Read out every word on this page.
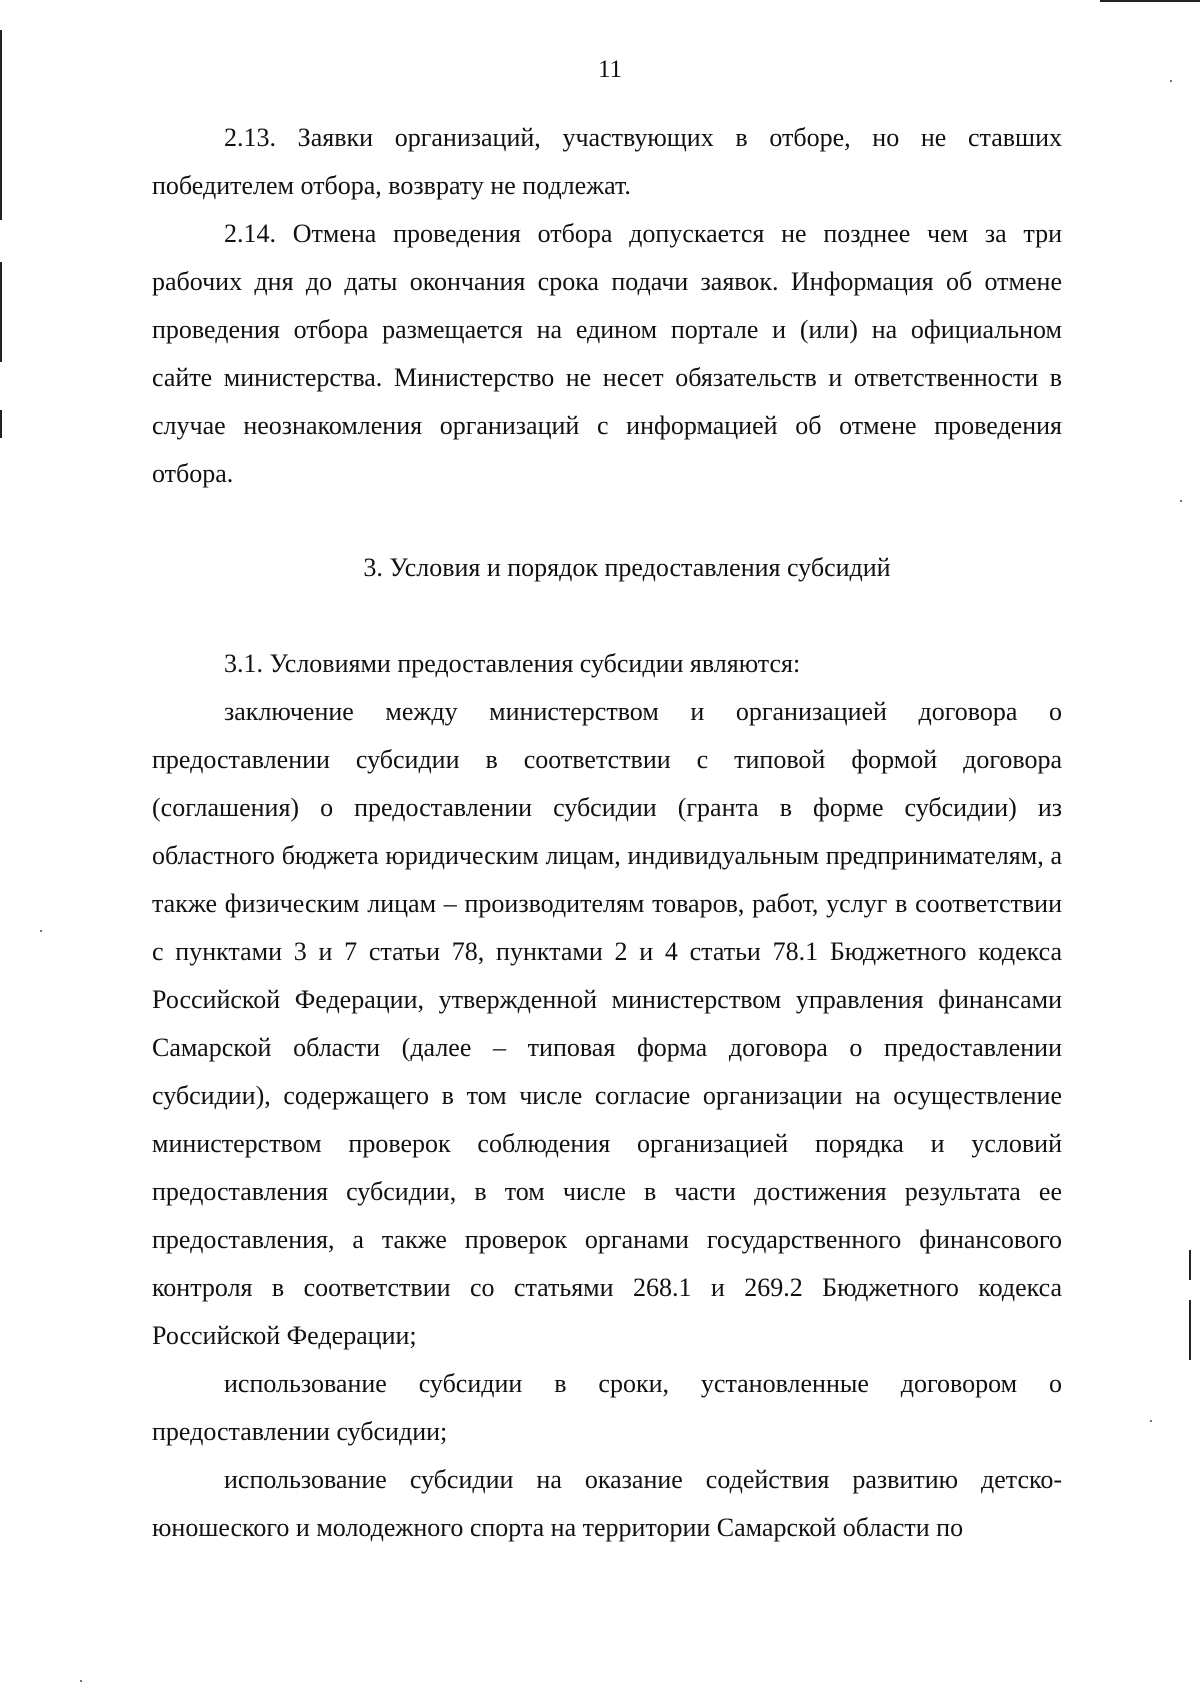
11

2.13. Заявки организаций, участвующих в отборе, но не ставших победителем отбора, возврату не подлежат.

2.14. Отмена проведения отбора допускается не позднее чем за три рабочих дня до даты окончания срока подачи заявок. Информация об отмене проведения отбора размещается на едином портале и (или) на официальном сайте министерства. Министерство не несет обязательств и ответственности в случае неознакомления организаций с информацией об отмене проведения отбора.

3. Условия и порядок предоставления субсидий

3.1. Условиями предоставления субсидии являются:

заключение между министерством и организацией договора о предоставлении субсидии в соответствии с типовой формой договора (соглашения) о предоставлении субсидии (гранта в форме субсидии) из областного бюджета юридическим лицам, индивидуальным предпринимателям, а также физическим лицам – производителям товаров, работ, услуг в соответствии с пунктами 3 и 7 статьи 78, пунктами 2 и 4 статьи 78.1 Бюджетного кодекса Российской Федерации, утвержденной министерством управления финансами Самарской области (далее – типовая форма договора о предоставлении субсидии), содержащего в том числе согласие организации на осуществление министерством проверок соблюдения организацией порядка и условий предоставления субсидии, в том числе в части достижения результата ее предоставления, а также проверок органами государственного финансового контроля в соответствии со статьями 268.1 и 269.2 Бюджетного кодекса Российской Федерации;

использование субсидии в сроки, установленные договором о предоставлении субсидии;

использование субсидии на оказание содействия развитию детско-юношеского и молодежного спорта на территории Самарской области по
